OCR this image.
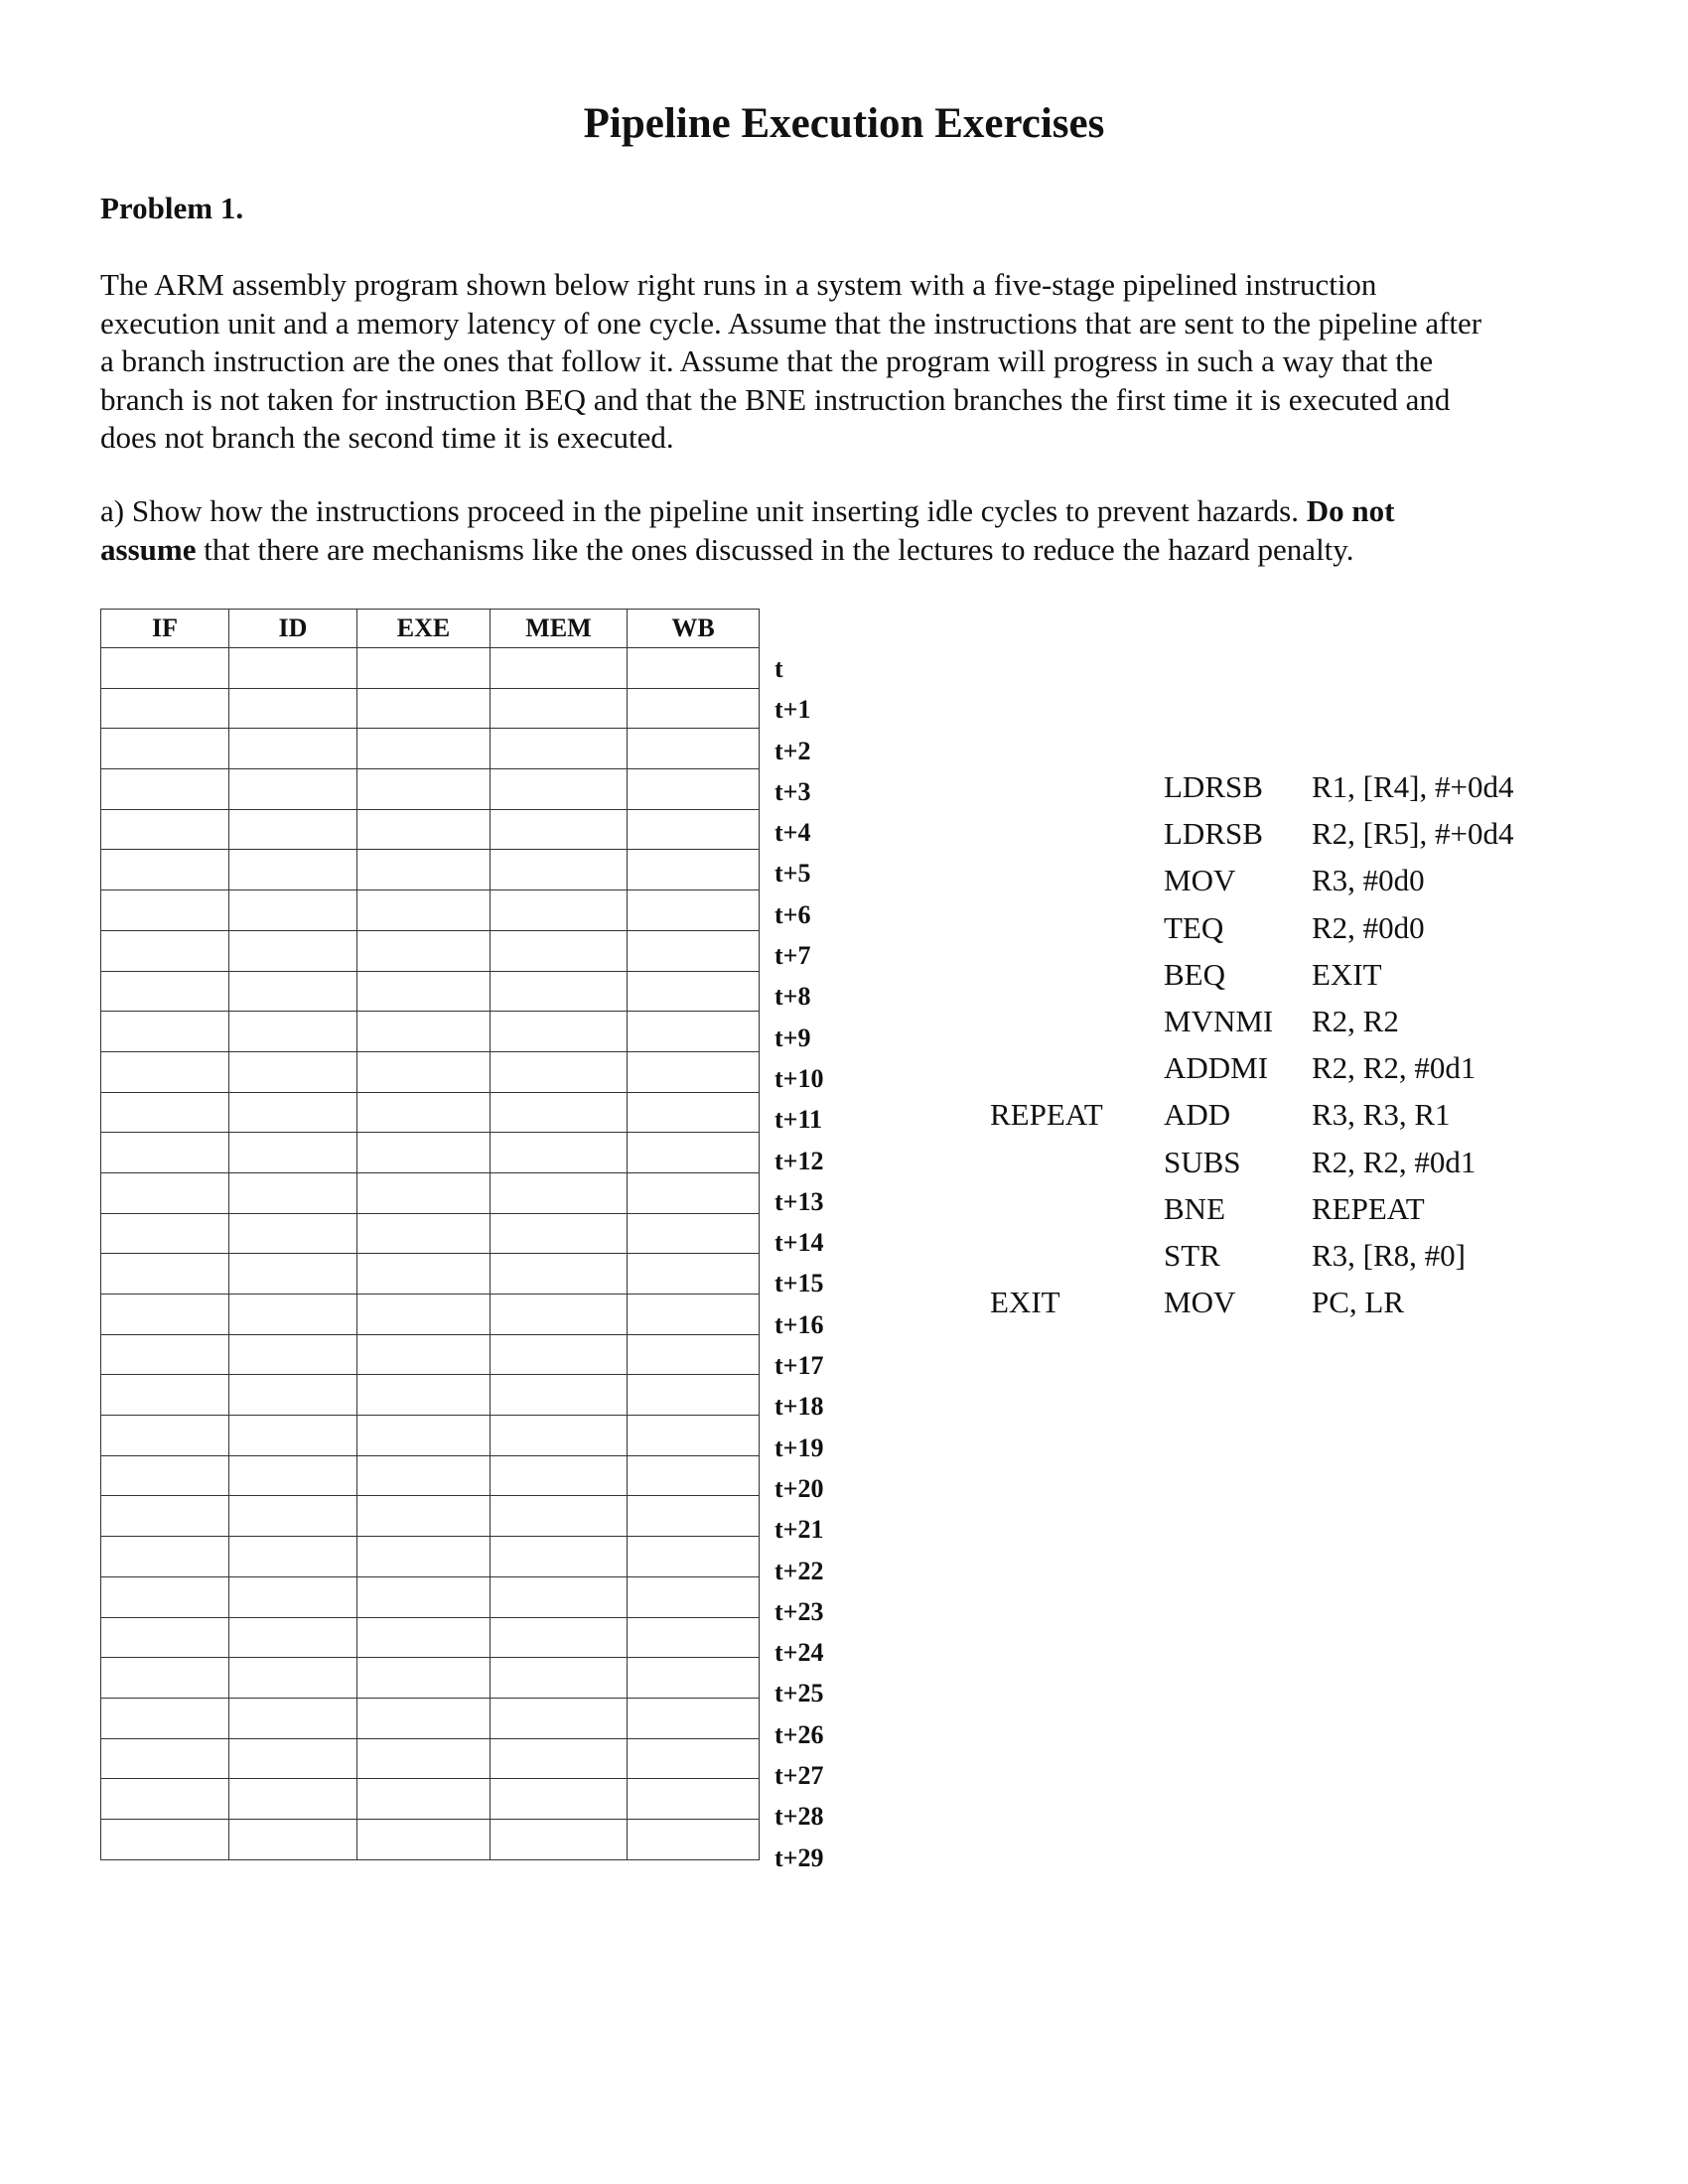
Pipeline Execution Exercises
Problem 1.

The ARM assembly program shown below right runs in a system with a five-stage pipelined instruction
execution unit and a memory latency of one cycle. Assume that the instructions that are sent to the pipeline after
a branch instruction are the ones that follow it. Assume that the program will progress in such a way that the
branch is not taken for instruction BEQ and that the BNE instruction branches the first time it is executed and
does not branch the second time it is executed.

a) Show how the instructions proceed in the pipeline unit inserting idle cycles to prevent hazards. Do not
assume that there are mechanisms like the ones discussed in the lectures to reduce the hazard penalty.

IF	ID	EXE	MEM	WB

t
t+1
t+2
t+3
t+4
t+5
t+6
t+7
t+8
t+9
t+10
t+11
t+12
t+13
t+14
t+15
t+16
t+17
t+18
t+19
t+20
t+21
t+22
t+23
t+24
t+25
t+26
t+27
t+28
t+29
LDRSB R1, [R4], #+0d4
LDRSB R2, [R5], #+0d4
MOV R3, #0d0
TEQ	R2, #0d0
BEQ	EXIT
MVNMI R2, R2
ADDMI R2, R2, #0d1
REPEAT ADD	R3, R3, R1
SUBS R2, R2, #0d1
BNE	REPEAT
STR	R3, [R8, #0]
EXIT	MOV PC, LR
